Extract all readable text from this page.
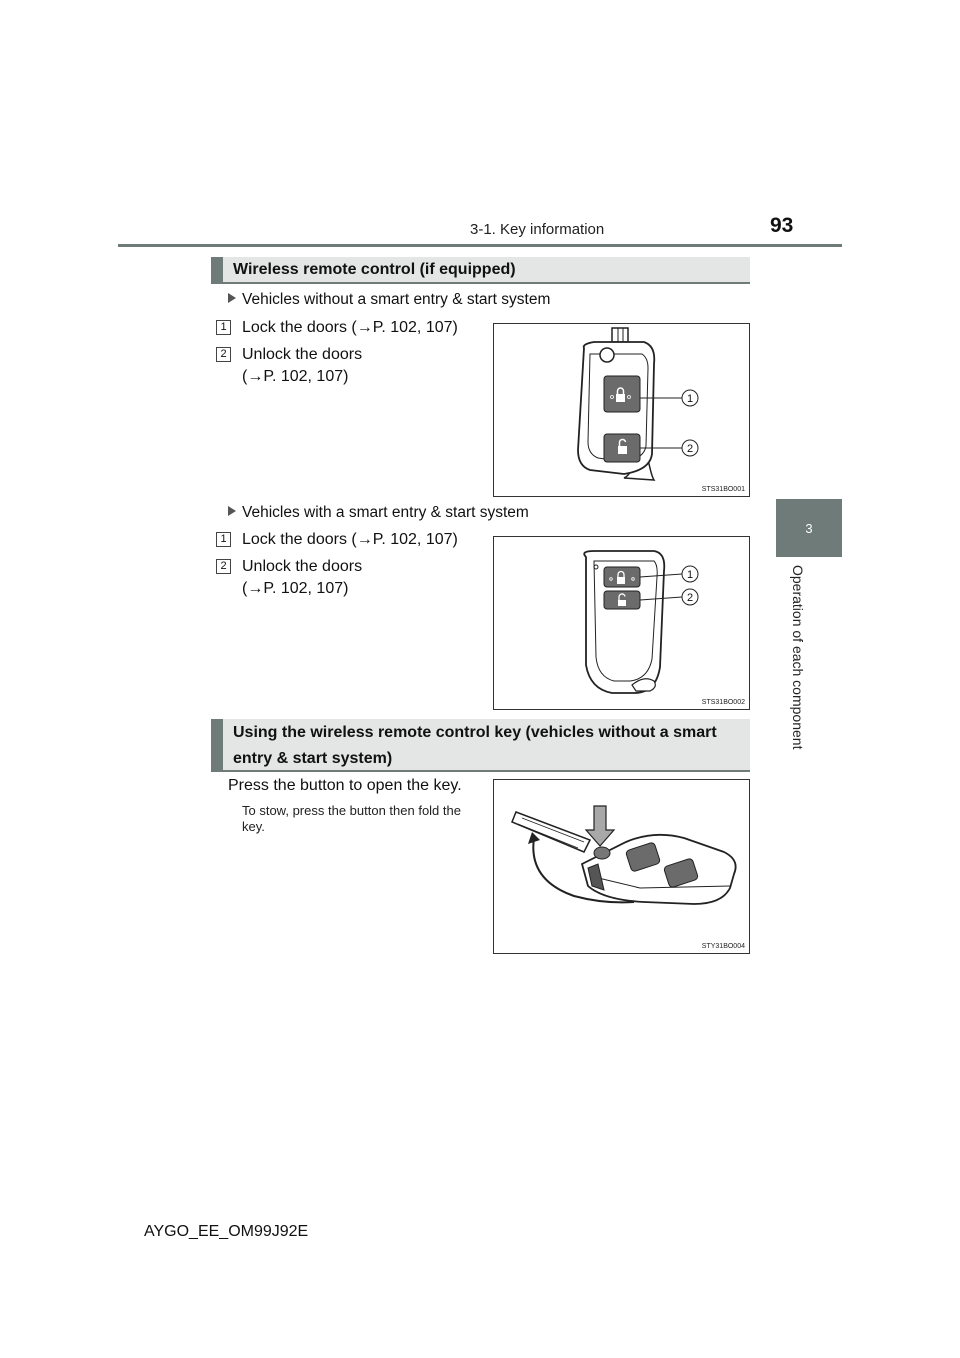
3-1. Key information	93
3
Operation of each component
Wireless remote control (if equipped)
Vehicles without a smart entry & start system
1 Lock the doors (→P. 102, 107)
2 Unlock the doors
(→P. 102, 107)
1
2
STS31BO001
Vehicles with a smart entry & start system
1 Lock the doors (→P. 102, 107)
2 Unlock the doors
(→P. 102, 107)
1
2
STS31BO002
Using the wireless remote control key (vehicles without a smart entry & start system)
Press the button to open the key.
To stow, press the button then fold the key.
STY31BO004
AYGO_EE_OM99J92E
